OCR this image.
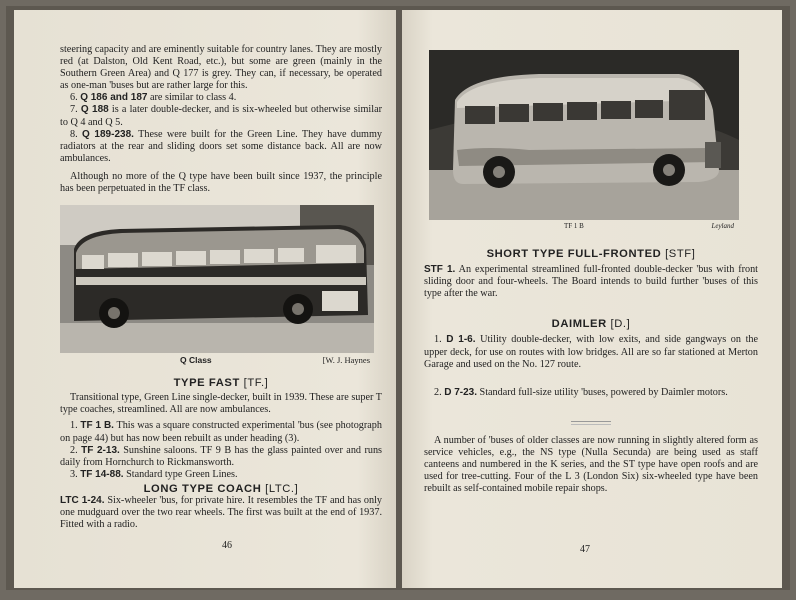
steering capacity and are eminently suitable for country lanes. They are mostly red (at Dalston, Old Kent Road, etc.), but some are green (mainly in the Southern Green Area) and Q 177 is grey. They can, if necessary, be operated as one-man 'buses but are rather large for this.

6. Q 186 and 187 are similar to class 4.

7. Q 188 is a later double-decker, and is six-wheeled but otherwise similar to Q 4 and Q 5.

8. Q 189-238. These were built for the Green Line. They have dummy radiators at the rear and sliding doors set some distance back. All are now ambulances.

Although no more of the Q type have been built since 1937, the principle has been perpetuated in the TF class.

Q Class	[W. J. Haynes

TYPE FAST [TF.]

Transitional type, Green Line single-decker, built in 1939. These are super T type coaches, streamlined. All are now ambulances.

1. TF 1 B. This was a square constructed experimental 'bus (see photograph on page 44) but has now been rebuilt as under heading (3).

2. TF 2-13. Sunshine saloons. TF 9 B has the glass painted over and runs daily from Hornchurch to Rickmansworth.

3. TF 14-88. Standard type Green Lines.

LONG TYPE COACH [LTC.]

LTC 1-24. Six-wheeler 'bus, for private hire. It resembles the TF and has only one mudguard over the two rear wheels. The first was built at the end of 1937. Fitted with a radio.

46
TF 1 B	Leyland

SHORT TYPE FULL-FRONTED [STF]

STF 1. An experimental streamlined full-fronted double-decker 'bus with front sliding door and four-wheels. The Board intends to build further 'buses of this type after the war.

DAIMLER [D.]

1. D 1-6. Utility double-decker, with low exits, and side gangways on the upper deck, for use on routes with low bridges. All are so far stationed at Merton Garage and used on the No. 127 route.

2. D 7-23. Standard full-size utility 'buses, powered by Daimler motors.

A number of 'buses of older classes are now running in slightly altered form as service vehicles, e.g., the NS type (Nulla Secunda) are being used as staff canteens and numbered in the K series, and the ST type have open roofs and are used for tree-cutting. Four of the L 3 (London Six) six-wheeled type have been rebuilt as self-contained mobile repair shops.

47
